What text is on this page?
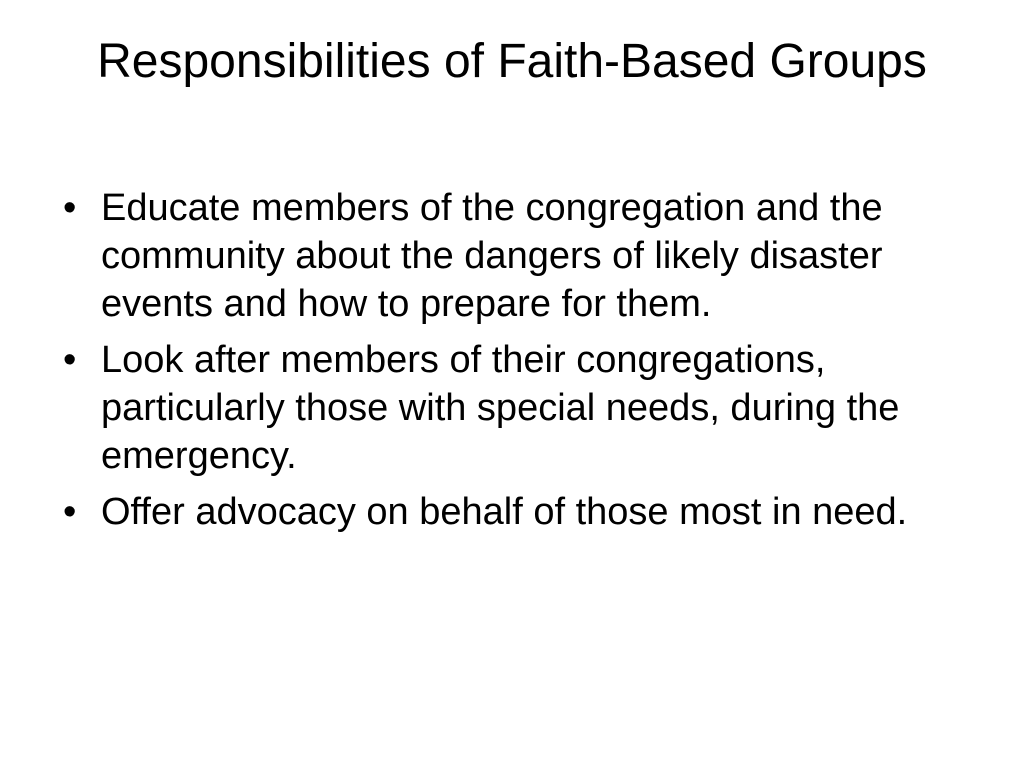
Responsibilities of Faith-Based Groups
• Educate members of the congregation and the community about the dangers of likely disaster events and how to prepare for them.
• Look after members of their congregations, particularly those with special needs, during the emergency.
• Offer advocacy on behalf of those most in need.
